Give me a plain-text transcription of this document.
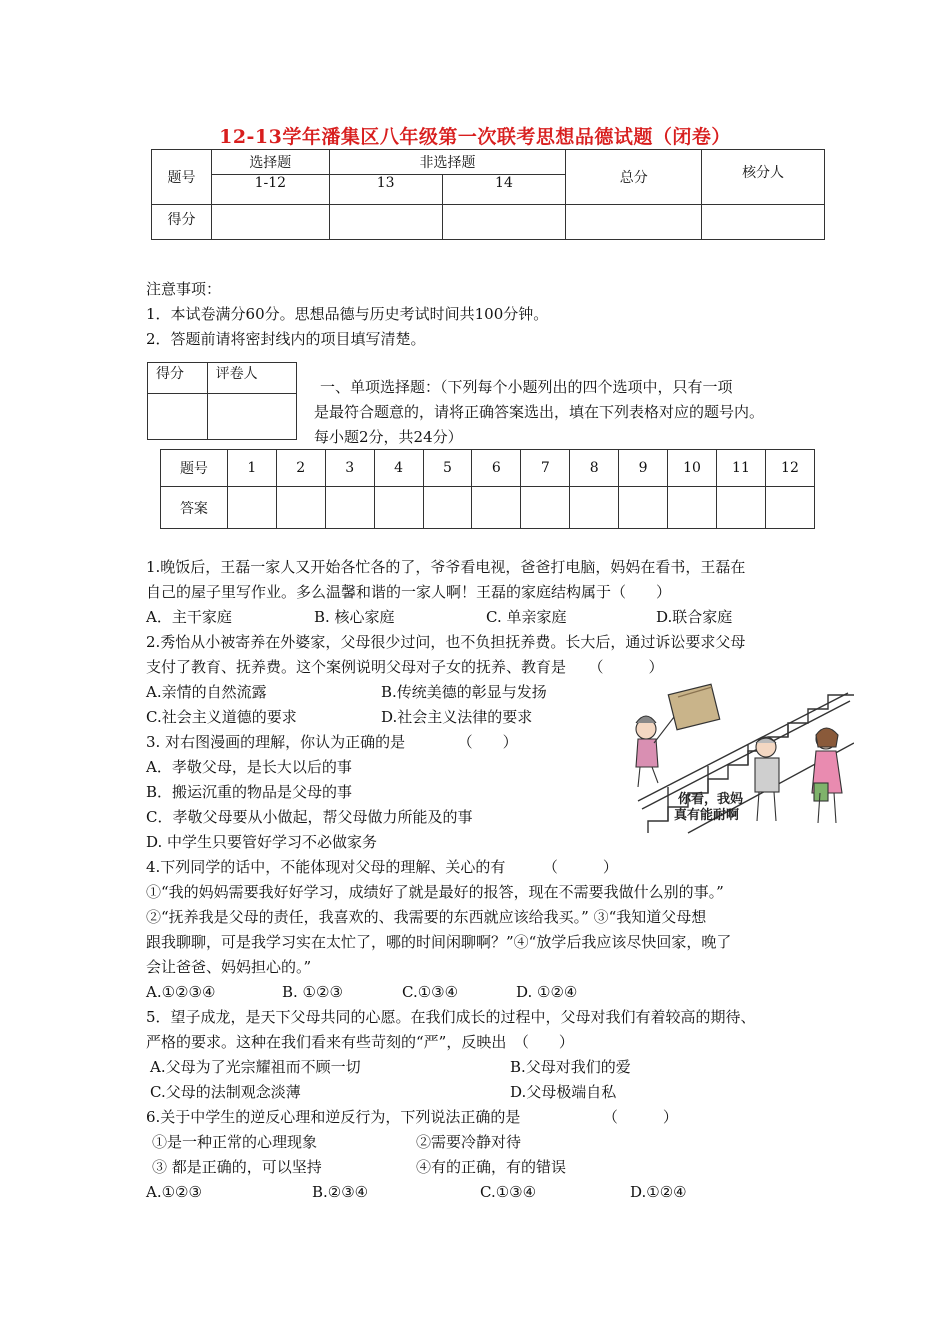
12-13学年潘集区八年级第一次联考思想品德试题（闭卷）
题号	选择题	非选择题		总分	核分人
	1-12	13	14		
得分					
注意事项：
1．本试卷满分60分。思想品德与历史考试时间共100分钟。
2．答题前请将密封线内的项目填写清楚。
得分	评卷人

一、单项选择题：（下列每个小题列出的四个选项中，只有一项
是最符合题意的，请将正确答案选出，填在下列表格对应的题号内。
每小题2分，共24分）
题号	1	2	3	4	5	6	7	8	9	10	11	12
答案												
1.晚饭后，王磊一家人又开始各忙各的了，爷爷看电视，爸爸打电脑，妈妈在看书，王磊在
自己的屋子里写作业。多么温馨和谐的一家人啊！王磊的家庭结构属于（　　）
A．主干家庭	B. 核心家庭	C. 单亲家庭	D.联合家庭
2.秀怡从小被寄养在外婆家，父母很少过问，也不负担抚养费。长大后，通过诉讼要求父母
支付了教育、抚养费。这个案例说明父母对子女的抚养、教育是　　（　　　）
A.亲情的自然流露	B.传统美德的彰显与发扬
C.社会主义道德的要求	D.社会主义法律的要求
3. 对右图漫画的理解，你认为正确的是　　　　（　　）
A．孝敬父母，是长大以后的事
B．搬运沉重的物品是父母的事
C．孝敬父母要从小做起，帮父母做力所能及的事
D. 中学生只要管好学习不必做家务
你看，我妈
真有能耐啊
4.下列同学的话中，不能体现对父母的理解、关心的有　　　（　　　）
①“我的妈妈需要我好好学习，成绩好了就是最好的报答，现在不需要我做什么别的事。”
②“抚养我是父母的责任，我喜欢的、我需要的东西就应该给我买。” ③“我知道父母想
跟我聊聊，可是我学习实在太忙了，哪的时间闲聊啊？”④“放学后我应该尽快回家，晚了
会让爸爸、妈妈担心的。”
A.①②③④	B. ①②③	C.①③④	D. ①②④
5．望子成龙，是天下父母共同的心愿。在我们成长的过程中，父母对我们有着较高的期待、
严格的要求。这种在我们看来有些苛刻的“严”，反映出　（　　）
A.父母为了光宗耀祖而不顾一切	B.父母对我们的爱
C.父母的法制观念淡薄	D.父母极端自私
6.关于中学生的逆反心理和逆反行为，下列说法正确的是　　　　　　（　　　）
①是一种正常的心理现象	②需要冷静对待
③ 都是正确的，可以坚持	④有的正确，有的错误
A.①②③	B.②③④	C.①③④	D.①②④
